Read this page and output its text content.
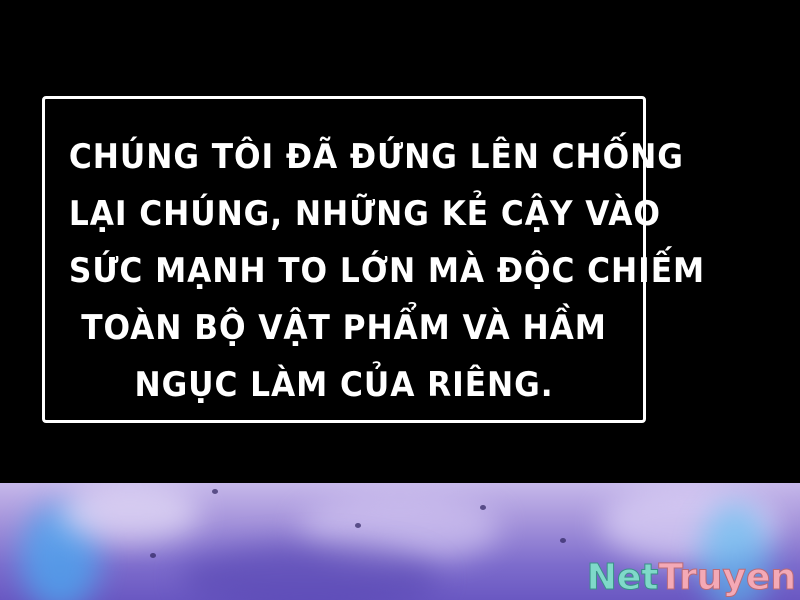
CHÚNG TÔI ĐÃ ĐỨNG LÊN CHỐNG
LẠI CHÚNG, NHỮNG KẺ CẬY VÀO
SỨC MẠNH TO LỚN MÀ ĐỘC CHIẾM
TOÀN BỘ VẬT PHẨM VÀ HẦM
NGỤC LÀM CỦA RIÊNG.
NetTruyen
